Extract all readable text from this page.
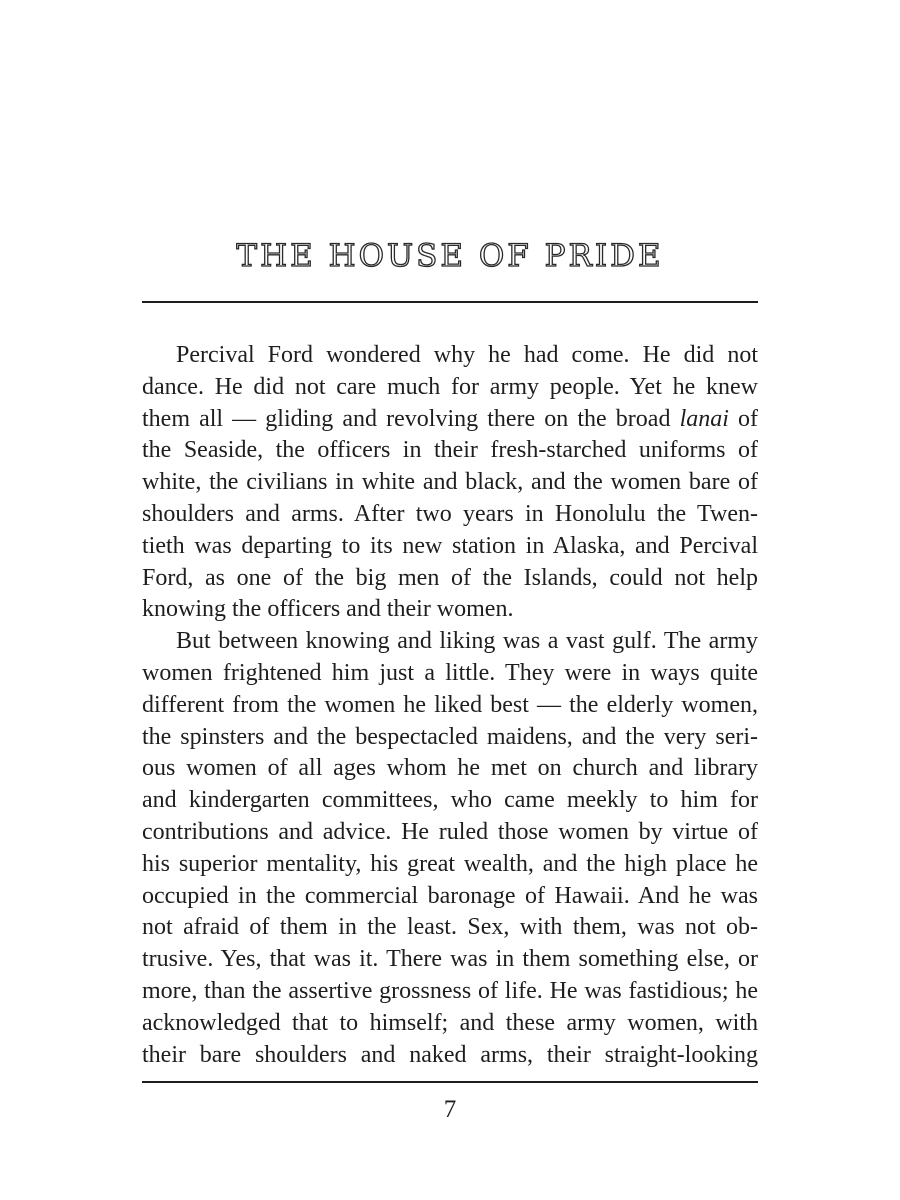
THE HOUSE OF PRIDE
Percival Ford wondered why he had come. He did not
dance. He did not care much for army people. Yet he knew
them all — gliding and revolving there on the broad lanai of
the Seaside, the officers in their fresh-starched uniforms of
white, the civilians in white and black, and the women bare of
shoulders and arms. After two years in Honolulu the Twen-
tieth was departing to its new station in Alaska, and Percival
Ford, as one of the big men of the Islands, could not help
knowing the officers and their women.
But between knowing and liking was a vast gulf. The army
women frightened him just a little. They were in ways quite
different from the women he liked best — the elderly women,
the spinsters and the bespectacled maidens, and the very seri-
ous women of all ages whom he met on church and library
and kindergarten committees, who came meekly to him for
contributions and advice. He ruled those women by virtue of
his superior mentality, his great wealth, and the high place he
occupied in the commercial baronage of Hawaii. And he was
not afraid of them in the least. Sex, with them, was not ob-
trusive. Yes, that was it. There was in them something else, or
more, than the assertive grossness of life. He was fastidious; he
acknowledged that to himself; and these army women, with
their bare shoulders and naked arms, their straight-looking

7
